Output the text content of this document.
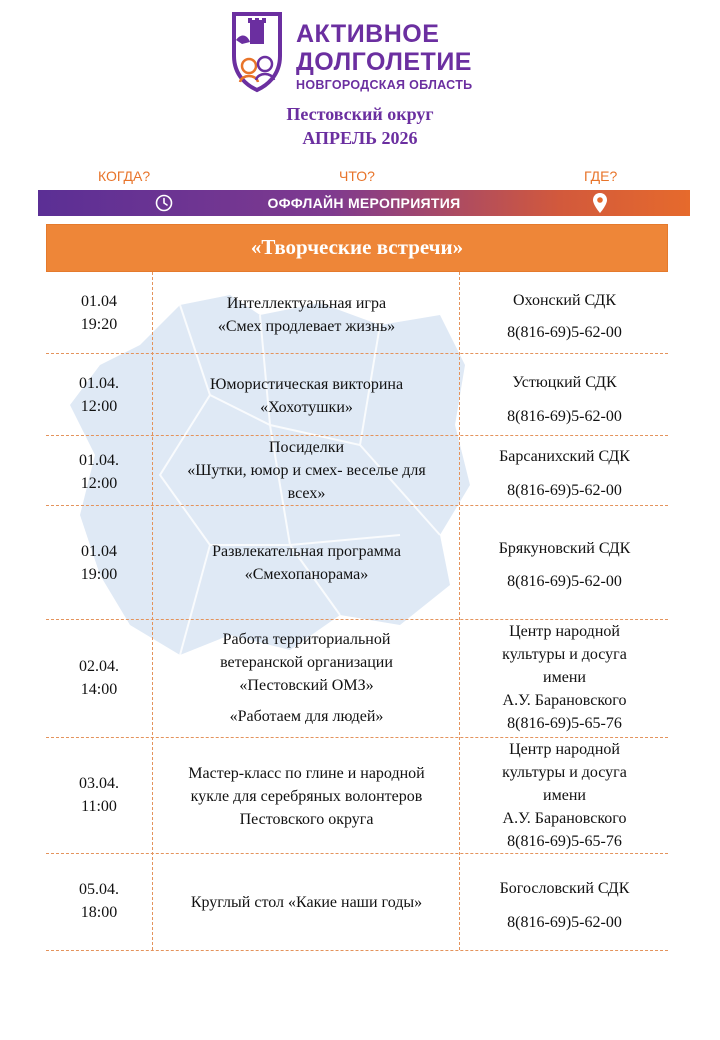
АКТИВНОЕ
ДОЛГОЛЕТИЕ
НОВГОРОДСКАЯ ОБЛАСТЬ
Пестовский округ
АПРЕЛЬ 2026
КОГДА?	ЧТО?	ГДЕ?
ОФФЛАЙН МЕРОПРИЯТИЯ
«Творческие встречи»
01.04
19:20
Интеллектуальная игра
«Смех продлевает жизнь»
Охонский СДК
8(816-69)5-62-00
01.04.
12:00
Юмористическая викторина
«Хохотушки»
Устюцкий СДК
8(816-69)5-62-00
01.04.
12:00
Посиделки
«Шутки, юмор и смех- веселье для
всех»
Барсанихский СДК
8(816-69)5-62-00
01.04
19:00
Развлекательная программа
«Смехопанорама»
Брякуновский СДК
8(816-69)5-62-00
02.04.
14:00
Работа территориальной
ветеранской организации
«Пестовский ОМЗ»
«Работаем для людей»
Центр народной
культуры и досуга
имени
А.У. Барановского
8(816-69)5-65-76
03.04.
11:00
Мастер-класс по глине и народной
кукле для серебряных волонтеров
Пестовского округа
Центр народной
культуры и досуга
имени
А.У. Барановского
8(816-69)5-65-76
05.04.
18:00
Круглый стол «Какие наши годы»
Богословский СДК
8(816-69)5-62-00
